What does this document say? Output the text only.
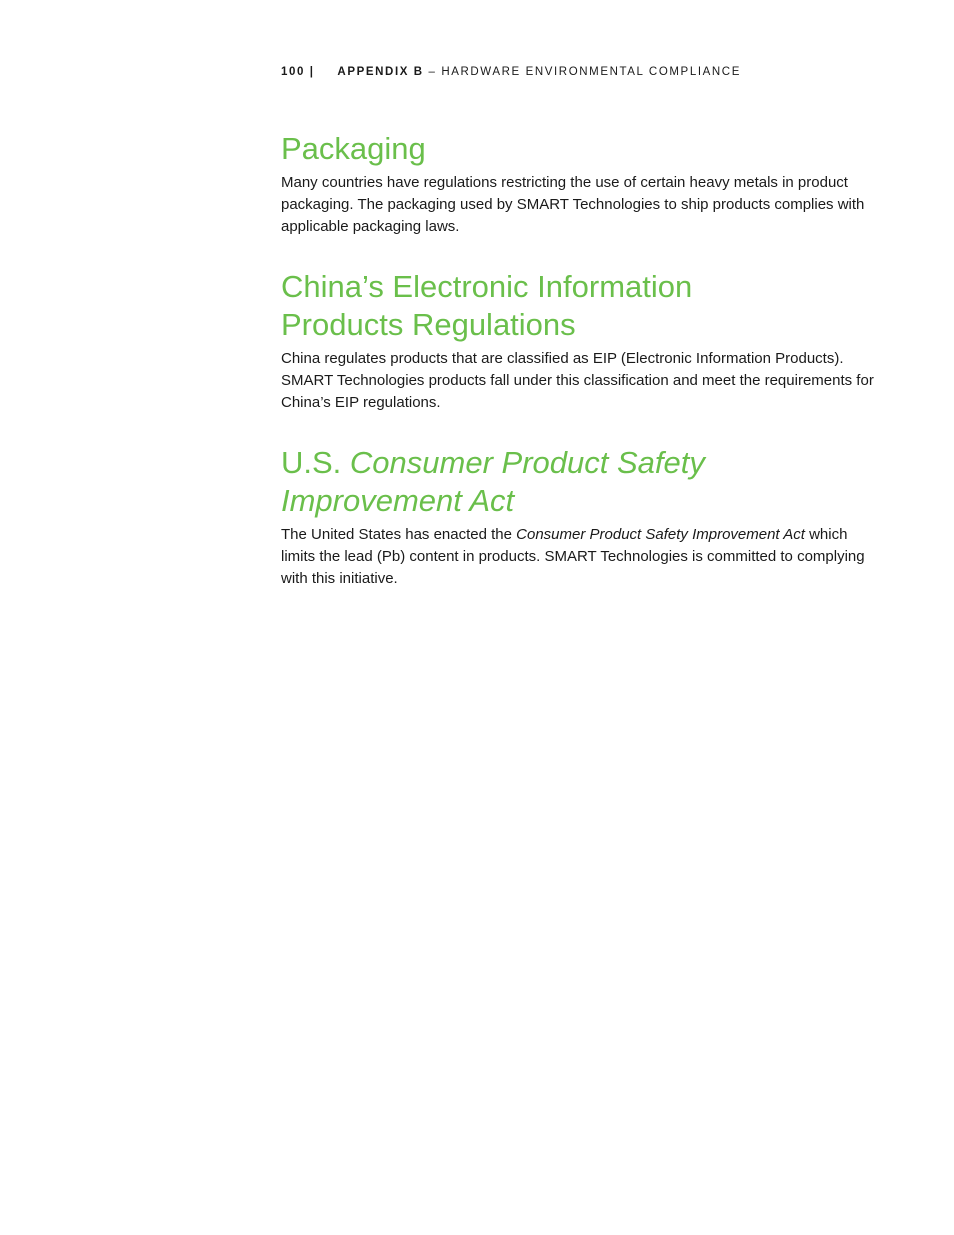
100 | APPENDIX B – HARDWARE ENVIRONMENTAL COMPLIANCE
Packaging

Many countries have regulations restricting the use of certain heavy metals in product packaging. The packaging used by SMART Technologies to ship products complies with applicable packaging laws.

China’s Electronic Information
Products Regulations

China regulates products that are classified as EIP (Electronic Information Products). SMART Technologies products fall under this classification and meet the requirements for China’s EIP regulations.

U.S. Consumer Product Safety
Improvement Act

The United States has enacted the Consumer Product Safety Improvement Act which limits the lead (Pb) content in products. SMART Technologies is committed to complying with this initiative.
